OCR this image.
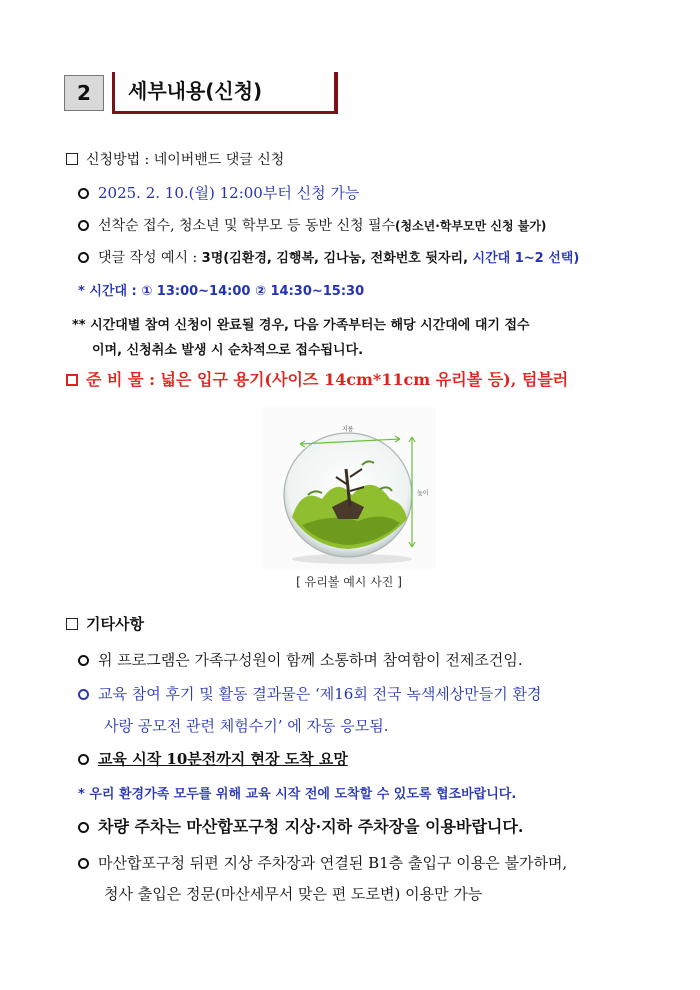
2	세부내용(신청)
신청방법 : 네이버밴드 댓글 신청
2025. 2. 10.(월) 12:00부터 신청 가능
선착순 접수, 청소년 및 학부모 등 동반 신청 필수(청소년·학부모만 신청 불가)
댓글 작성 예시 : 3명(김환경, 김행복, 김나눔, 전화번호 뒷자리, 시간대 1~2 선택)
* 시간대 : ① 13:00~14:00 ② 14:30~15:30
** 시간대별 참여 신청이 완료될 경우, 다음 가족부터는 해당 시간대에 대기 접수
이며, 신청취소 발생 시 순차적으로 접수됩니다.
준 비 물 : 넓은 입구 용기(사이즈 14cm*11cm 유리볼 등), 텀블러
지름
높이
[ 유리볼 예시 사진 ]
기타사항
위 프로그램은 가족구성원이 함께 소통하며 참여함이 전제조건임.
교육 참여 후기 및 활동 결과물은 ‘제16회 전국 녹색세상만들기 환경
사랑 공모전 관련 체험수기’ 에 자동 응모됨.
교육 시작 10분전까지 현장 도착 요망
* 우리 환경가족 모두를 위해 교육 시작 전에 도착할 수 있도록 협조바랍니다.
차량 주차는 마산합포구청 지상·지하 주차장을 이용바랍니다.
마산합포구청 뒤편 지상 주차장과 연결된 B1층 출입구 이용은 불가하며,
청사 출입은 정문(마산세무서 맞은 편 도로변) 이용만 가능
